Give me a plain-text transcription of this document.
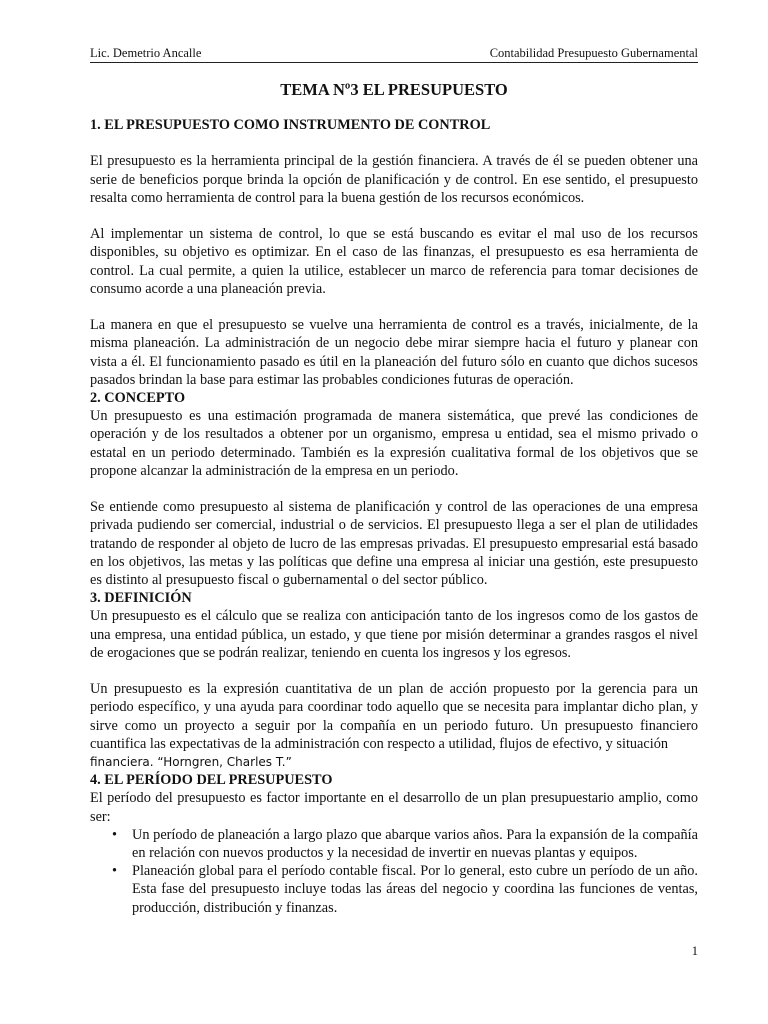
Lic. Demetrio Ancalle	Contabilidad Presupuesto Gubernamental
TEMA Nº3 EL PRESUPUESTO
1. EL PRESUPUESTO COMO INSTRUMENTO DE CONTROL

El presupuesto es la herramienta principal de la gestión financiera. A través de él se pueden obtener una serie de beneficios porque brinda la opción de planificación y de control. En ese sentido, el presupuesto resalta como herramienta de control para la buena gestión de los recursos económicos.

Al implementar un sistema de control, lo que se está buscando es evitar el mal uso de los recursos disponibles, su objetivo es optimizar. En el caso de las finanzas, el presupuesto es esa herramienta de control. La cual permite, a quien la utilice, establecer un marco de referencia para tomar decisiones de consumo acorde a una planeación previa.

La manera en que el presupuesto se vuelve una herramienta de control es a través, inicialmente, de la misma planeación. La administración de un negocio debe mirar siempre hacia el futuro y planear con vista a él. El funcionamiento pasado es útil en la planeación del futuro sólo en cuanto que dichos sucesos pasados brindan la base para estimar las probables condiciones futuras de operación.

2. CONCEPTO

Un presupuesto es una estimación programada de manera sistemática, que prevé las condiciones de operación y de los resultados a obtener por un organismo, empresa u entidad, sea el mismo privado o estatal en un periodo determinado. También es la expresión cualitativa formal de los objetivos que se propone alcanzar la administración de la empresa en un periodo.

Se entiende como presupuesto al sistema de planificación y control de las operaciones de una empresa privada pudiendo ser comercial, industrial o de servicios. El presupuesto llega a ser el plan de utilidades tratando de responder al objeto de lucro de las empresas privadas. El presupuesto empresarial está basado en los objetivos, las metas y las políticas que define una empresa al iniciar una gestión, este presupuesto es distinto al presupuesto fiscal o gubernamental o del sector público.

3. DEFINICIÓN

Un presupuesto es el cálculo que se realiza con anticipación tanto de los ingresos como de los gastos de una empresa, una entidad pública, un estado, y que tiene por misión determinar a grandes rasgos el nivel de erogaciones que se podrán realizar, teniendo en cuenta los ingresos y los egresos.

Un presupuesto es la expresión cuantitativa de un plan de acción propuesto por la gerencia para un periodo específico, y una ayuda para coordinar todo aquello que se necesita para implantar dicho plan, y sirve como un proyecto a seguir por la compañía en un periodo futuro. Un presupuesto financiero cuantifica las expectativas de la administración con respecto a utilidad, flujos de efectivo, y situación
financiera. “Horngren, Charles T.”

4. EL PERÍODO DEL PRESUPUESTO

El período del presupuesto es factor importante en el desarrollo de un plan presupuestario amplio, como ser:

• Un período de planeación a largo plazo que abarque varios años. Para la expansión de la compañía en relación con nuevos productos y la necesidad de invertir en nuevas plantas y equipos.
• Planeación global para el período contable fiscal. Por lo general, esto cubre un período de un año. Esta fase del presupuesto incluye todas las áreas del negocio y coordina las funciones de ventas, producción, distribución y finanzas.
1
